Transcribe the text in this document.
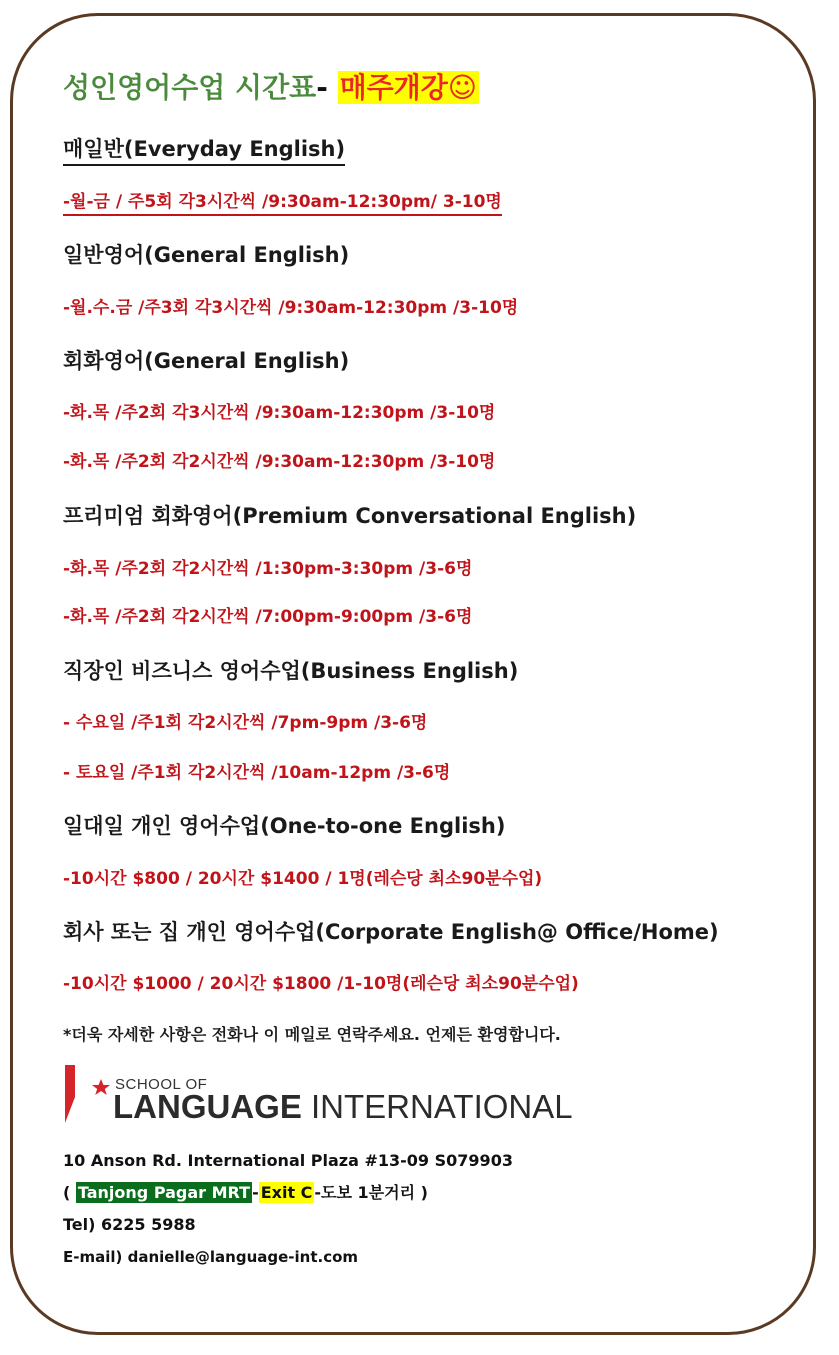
성인영어수업 시간표- 매주개강☺
매일반(Everyday English)
-월-금 / 주5회 각3시간씩 /9:30am-12:30pm/ 3-10명
일반영어(General English)
-월.수.금 /주3회 각3시간씩 /9:30am-12:30pm /3-10명
회화영어(General English)
-화.목 /주2회 각3시간씩 /9:30am-12:30pm /3-10명
-화.목 /주2회 각2시간씩 /9:30am-12:30pm /3-10명
프리미엄 회화영어(Premium Conversational English)
-화.목 /주2회 각2시간씩 /1:30pm-3:30pm /3-6명
-화.목 /주2회 각2시간씩 /7:00pm-9:00pm /3-6명
직장인 비즈니스 영어수업(Business English)
- 수요일 /주1회 각2시간씩 /7pm-9pm /3-6명
- 토요일 /주1회 각2시간씩 /10am-12pm /3-6명
일대일 개인 영어수업(One-to-one English)
-10시간 $800 / 20시간 $1400 / 1명(레슨당 최소90분수업)
회사 또는 집 개인 영어수업(Corporate English@ Office/Home)
-10시간 $1000 / 20시간 $1800 /1-10명(레슨당 최소90분수업)
*더욱 자세한 사항은 전화나 이 메일로 연락주세요. 언제든 환영합니다.
SCHOOL OF
LANGUAGE INTERNATIONAL
10 Anson Rd. International Plaza #13-09 S079903
( Tanjong Pagar MRT - Exit C -도보 1분거리 )
Tel) 6225 5988
E-mail) danielle@language-int.com
